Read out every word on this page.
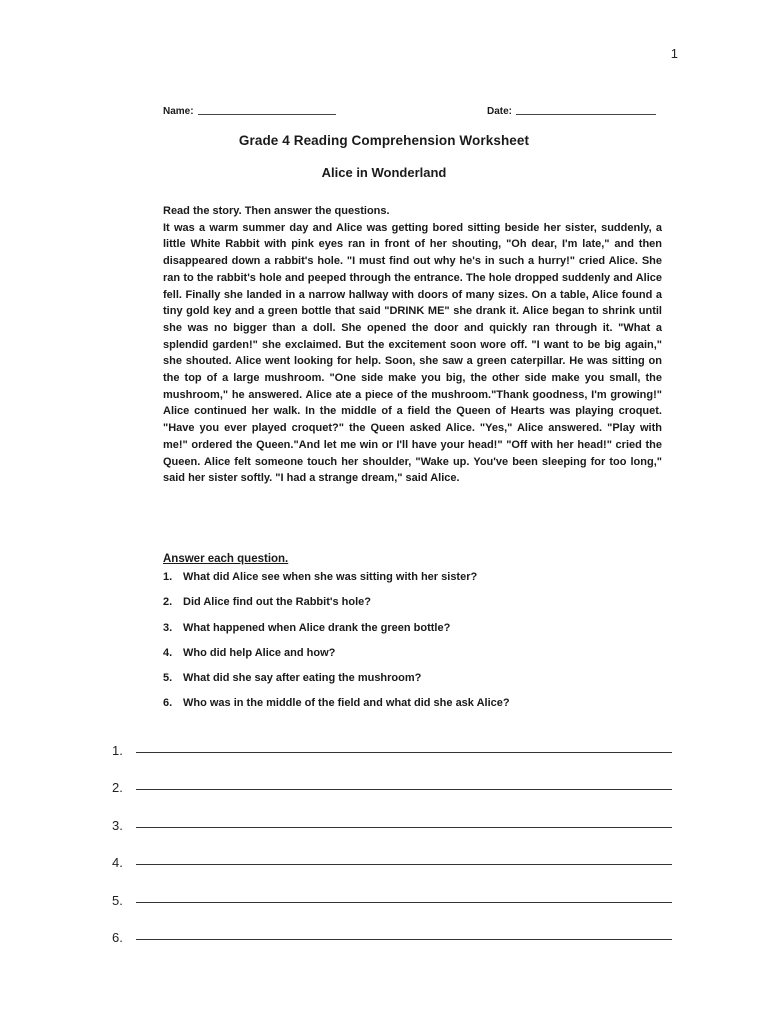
1
Name:	Date:
Grade 4 Reading Comprehension Worksheet
Alice in Wonderland

Read the story. Then answer the questions.

It was a warm summer day and Alice was getting bored sitting beside her sister, suddenly, a little White Rabbit with pink eyes ran in front of her shouting, "Oh dear, I'm late," and then disappeared down a rabbit's hole. "I must find out why he's in such a hurry!" cried Alice. She ran to the rabbit's hole and peeped through the entrance. The hole dropped suddenly and Alice fell. Finally she landed in a narrow hallway with doors of many sizes. On a table, Alice found a tiny gold key and a green bottle that said "DRINK ME" she drank it. Alice began to shrink until she was no bigger than a doll. She opened the door and quickly ran through it. "What a splendid garden!" she exclaimed. But the excitement soon wore off. "I want to be big again," she shouted. Alice went looking for help. Soon, she saw a green caterpillar. He was sitting on the top of a large mushroom. "One side make you big, the other side make you small, the mushroom," he answered. Alice ate a piece of the mushroom."Thank goodness, I'm growing!" Alice continued her walk. In the middle of a field the Queen of Hearts was playing croquet. "Have you ever played croquet?" the Queen asked Alice. "Yes," Alice answered. "Play with me!" ordered the Queen."And let me win or I'll have your head!" "Off with her head!" cried the Queen. Alice felt someone touch her shoulder, "Wake up. You've been sleeping for too long," said her sister softly. "I had a strange dream," said Alice.

Answer each question.
1. What did Alice see when she was sitting with her sister?
2. Did Alice find out the Rabbit's hole?
3. What happened when Alice drank the green bottle?
4. Who did help Alice and how?
5. What did she say after eating the mushroom?
6. Who was in the middle of the field and what did she ask Alice?
1.
2.
3.
4.
5.
6.
